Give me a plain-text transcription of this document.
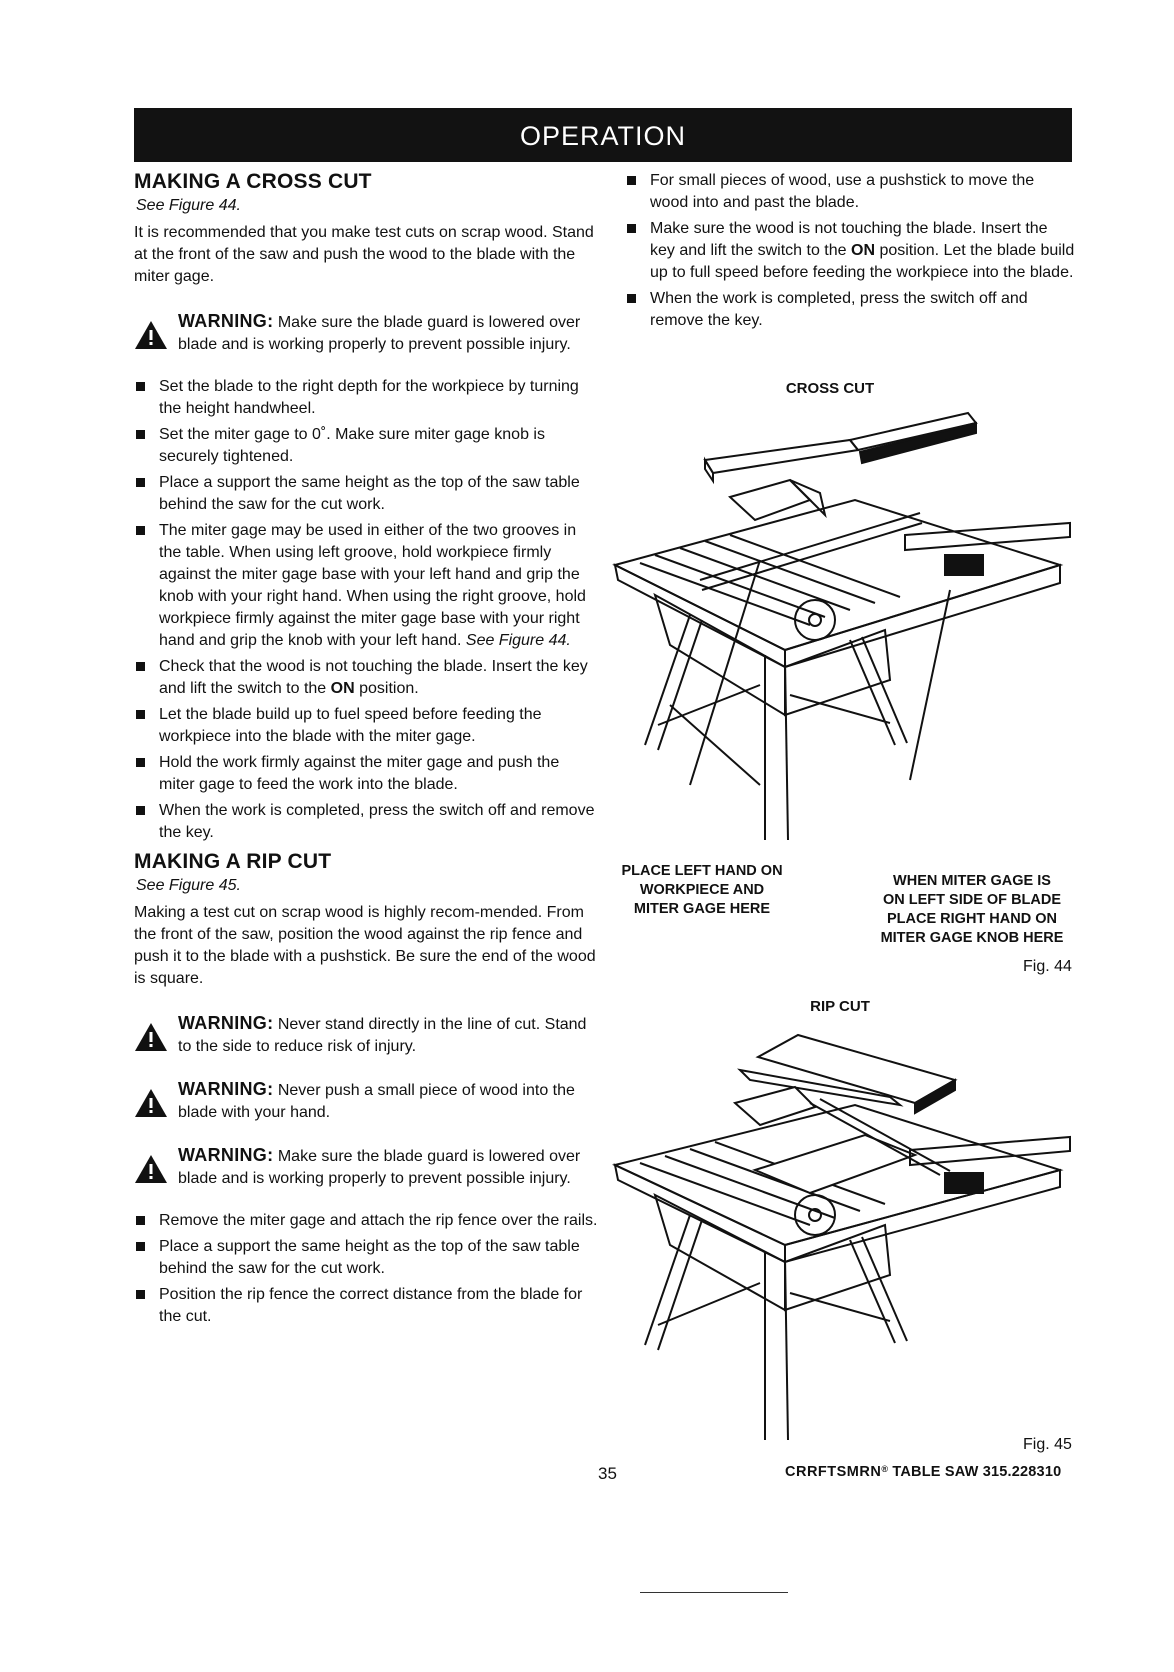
OPERATION
MAKING A CROSS CUT
See Figure 44.

It is recommended that you make test cuts on scrap wood. Stand at the front of the saw and push the wood to the blade with the miter gage.

WARNING: Make sure the blade guard is lowered over blade and is working properly to prevent possible injury.
Set the blade to the right depth for the workpiece by turning the height handwheel.
Set the miter gage to 0˚. Make sure miter gage knob is securely tightened.
Place a support the same height as the top of the saw table behind the saw for the cut work.
The miter gage may be used in either of the two grooves in the table. When using left groove, hold workpiece firmly against the miter gage base with your left hand and grip the knob with your right hand. When using the right groove, hold workpiece firmly against the miter gage base with your right hand and grip the knob with your left hand. See Figure 44.
Check that the wood is not touching the blade. Insert the key and lift the switch to the ON position.
Let the blade build up to fuel speed before feeding the workpiece into the blade with the miter gage.
Hold the work firmly against the miter gage and push the miter gage to feed the work into the blade.
When the work is completed, press the switch off and remove the key.
MAKING A RIP CUT
See Figure 45.

Making a test cut on scrap wood is highly recom-mended. From the front of the saw, position the wood against the rip fence and push it to the blade with a pushstick. Be sure the end of the wood is square.

WARNING: Never stand directly in the line of cut. Stand to the side to reduce risk of injury.
WARNING: Never push a small piece of wood into the blade with your hand.
WARNING: Make sure the blade guard is lowered over blade and is working properly to prevent possible injury.
Remove the miter gage and attach the rip fence over the rails.
Place a support the same height as the top of the saw table behind the saw for the cut work.
Position the rip fence the correct distance from the blade for the cut.
For small pieces of wood, use a pushstick to move the wood into and past the blade.
Make sure the wood is not touching the blade. Insert the key and lift the switch to the ON position. Let the blade build up to full speed before feeding the workpiece into the blade.
When the work is completed, press the switch off and remove the key.
CROSS CUT
PLACE LEFT HAND ON
WORKPIECE AND
MITER GAGE HERE
WHEN MITER GAGE IS
ON LEFT SIDE OF BLADE
PLACE RIGHT HAND ON
MITER GAGE KNOB HERE
Fig. 44
RIP CUT
Fig. 45
35	CRRFTSMRN® TABLE SAW 315.228310
